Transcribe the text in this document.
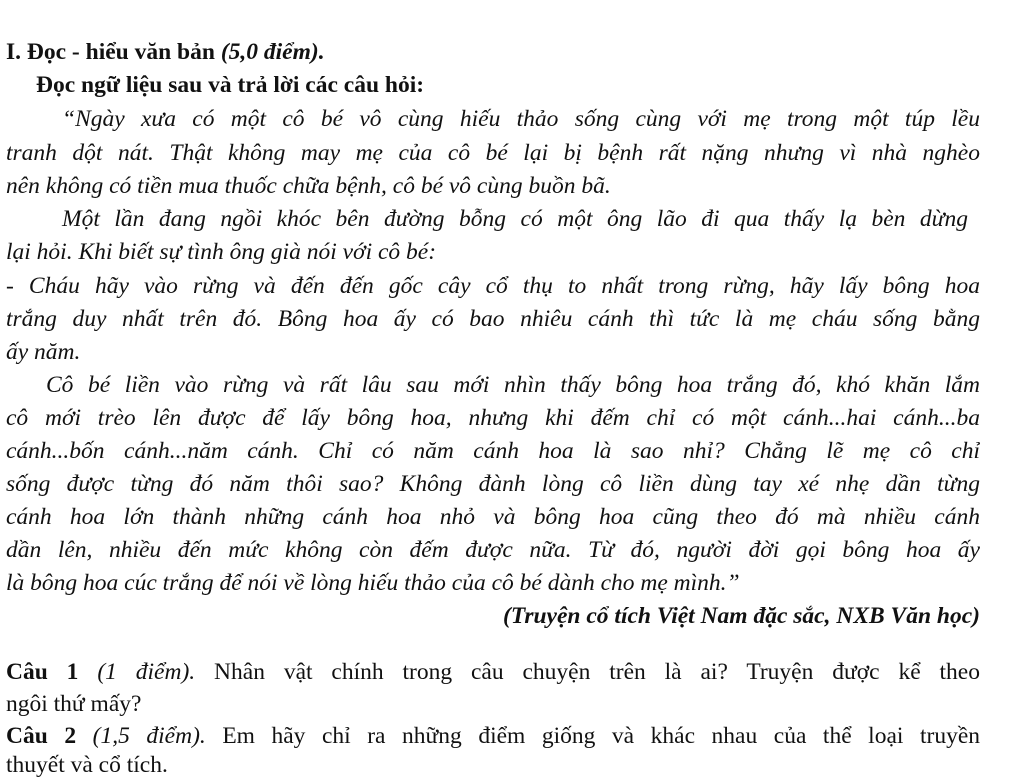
I. Đọc - hiểu văn bản (5,0 điểm).
Đọc ngữ liệu sau và trả lời các câu hỏi:
“Ngày xưa có một cô bé vô cùng hiếu thảo sống cùng với mẹ trong một túp lều
tranh dột nát. Thật không may mẹ của cô bé lại bị bệnh rất nặng nhưng vì nhà nghèo
nên không có tiền mua thuốc chữa bệnh, cô bé vô cùng buồn bã.
Một lần đang ngồi khóc bên đường bỗng có một ông lão đi qua thấy lạ bèn dừng
lại hỏi. Khi biết sự tình ông già nói với cô bé:
- Cháu hãy vào rừng và đến đến gốc cây cổ thụ to nhất trong rừng, hãy lấy bông hoa
trắng duy nhất trên đó. Bông hoa ấy có bao nhiêu cánh thì tức là mẹ cháu sống bằng
ấy năm.
Cô bé liền vào rừng và rất lâu sau mới nhìn thấy bông hoa trắng đó, khó khăn lắm
cô mới trèo lên được để lấy bông hoa, nhưng khi đếm chỉ có một cánh...hai cánh...ba
cánh...bốn cánh...năm cánh. Chỉ có năm cánh hoa là sao nhỉ? Chẳng lẽ mẹ cô chỉ
sống được từng đó năm thôi sao? Không đành lòng cô liền dùng tay xé nhẹ dần từng
cánh hoa lớn thành những cánh hoa nhỏ và bông hoa cũng theo đó mà nhiều cánh
dần lên, nhiều đến mức không còn đếm được nữa. Từ đó, người đời gọi bông hoa ấy
là bông hoa cúc trắng để nói về lòng hiếu thảo của cô bé dành cho mẹ mình.”
(Truyện cổ tích Việt Nam đặc sắc, NXB Văn học)
Câu 1 (1 điểm). Nhân vật chính trong câu chuyện trên là ai? Truyện được kể theo
ngôi thứ mấy?
Câu 2 (1,5 điểm). Em hãy chỉ ra những điểm giống và khác nhau của thể loại truyền
thuyết và cổ tích.
